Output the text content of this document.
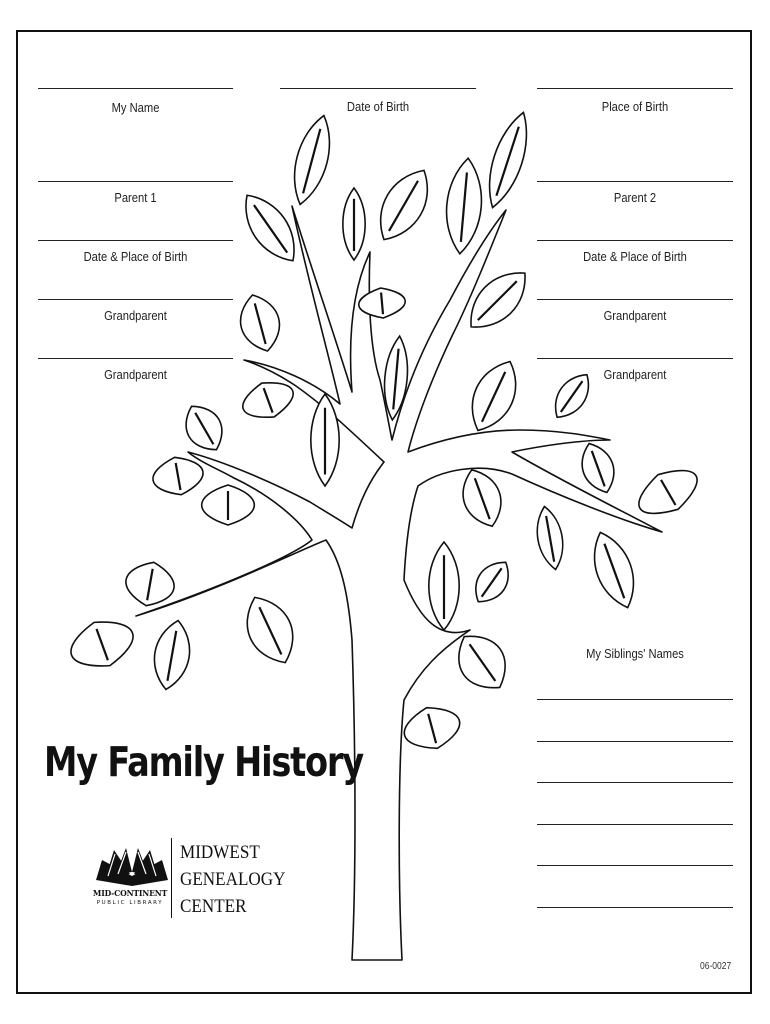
My Name	Date of Birth	Place of Birth
Parent 1
Date & Place of Birth
Grandparent
Grandparent
Parent 2
Date & Place of Birth
Grandparent
Grandparent
My Siblings' Names
My Family History
MID-CONTINENT
PUBLIC LIBRARY
MIDWEST
GENEALOGY
CENTER
06-0027
